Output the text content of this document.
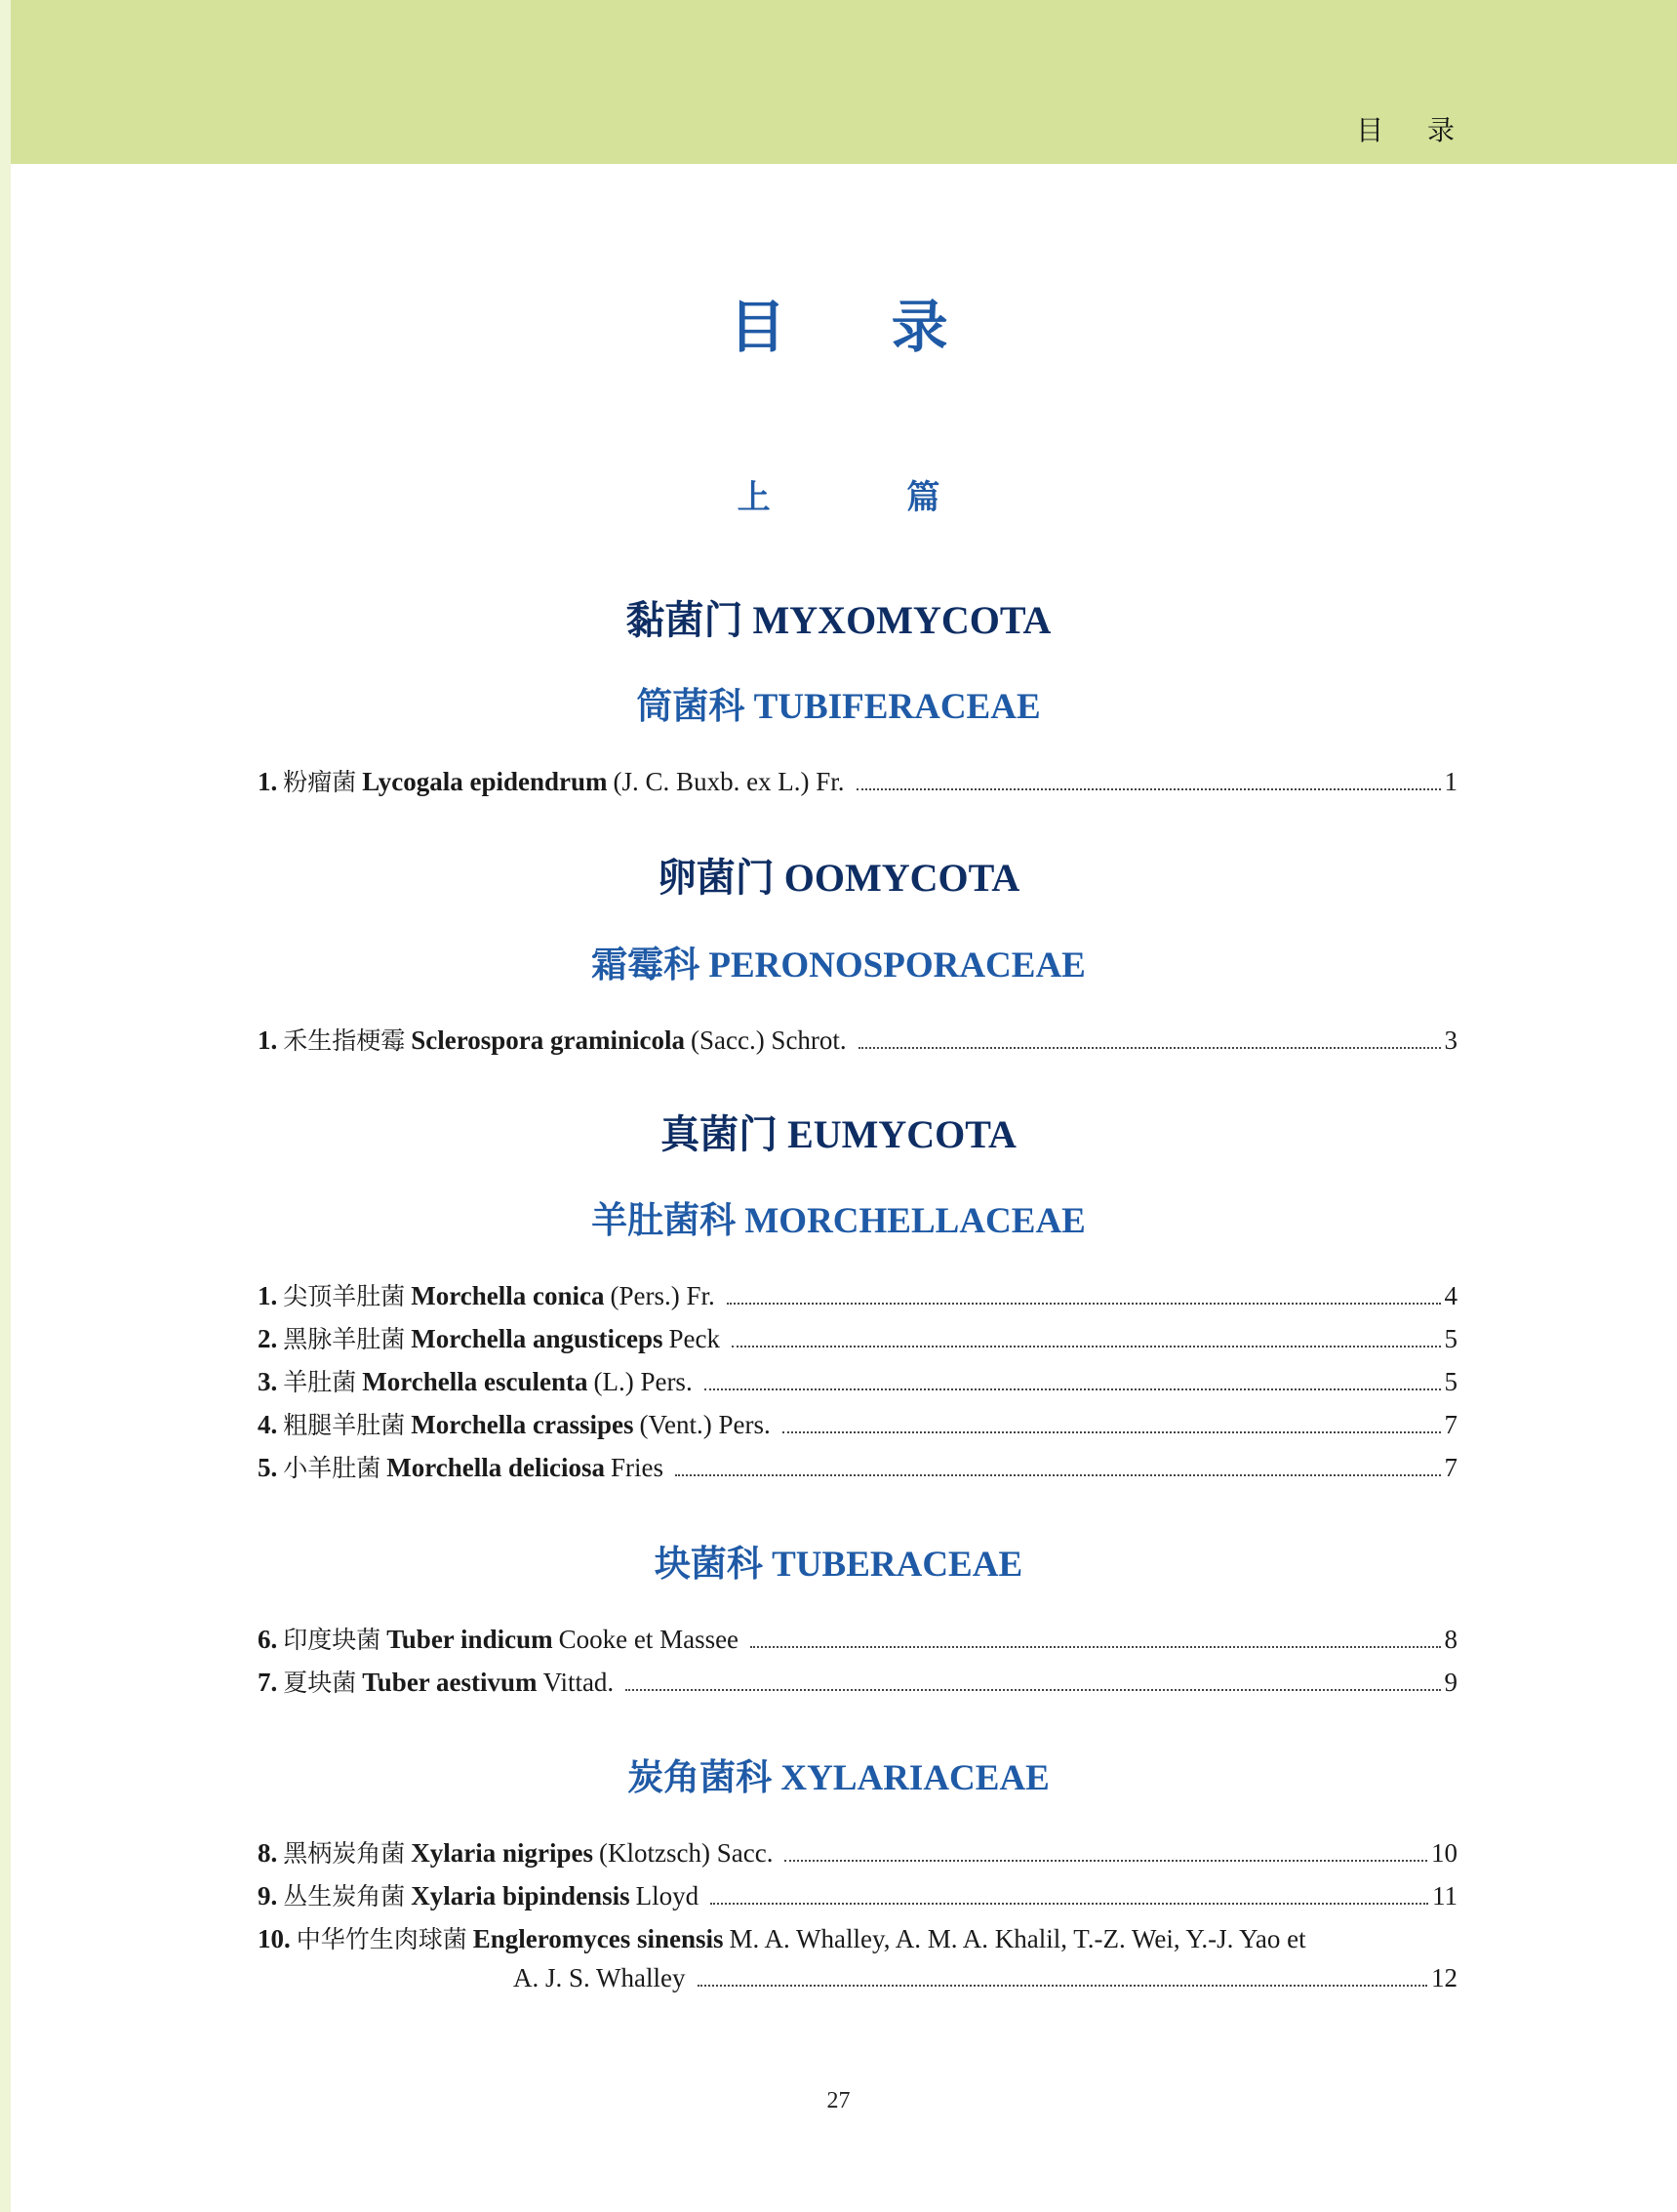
目 录
目 录
上 篇
黏菌门 MYXOMYCOTA
筒菌科 TUBIFERACEAE
1. 粉瘤菌 Lycogala epidendrum (J. C. Buxb. ex L.) Fr.	1
卵菌门 OOMYCOTA
霜霉科 PERONOSPORACEAE
1. 禾生指梗霉 Sclerospora graminicola (Sacc.) Schrot.	3
真菌门 EUMYCOTA
羊肚菌科 MORCHELLACEAE
1. 尖顶羊肚菌 Morchella conica (Pers.) Fr.	4
2. 黑脉羊肚菌 Morchella angusticeps Peck	5
3. 羊肚菌 Morchella esculenta (L.) Pers.	5
4. 粗腿羊肚菌 Morchella crassipes (Vent.) Pers.	7
5. 小羊肚菌 Morchella deliciosa Fries	7
块菌科 TUBERACEAE
6. 印度块菌 Tuber indicum Cooke et Massee	8
7. 夏块菌 Tuber aestivum Vittad.	9
炭角菌科 XYLARIACEAE
8. 黑柄炭角菌 Xylaria nigripes (Klotzsch) Sacc.	10
9. 丛生炭角菌 Xylaria bipindensis Lloyd	11
10. 中华竹生肉球菌 Engleromyces sinensis M. A. Whalley, A. M. A. Khalil, T.-Z. Wei, Y.-J. Yao et
A. J. S. Whalley	12
27
